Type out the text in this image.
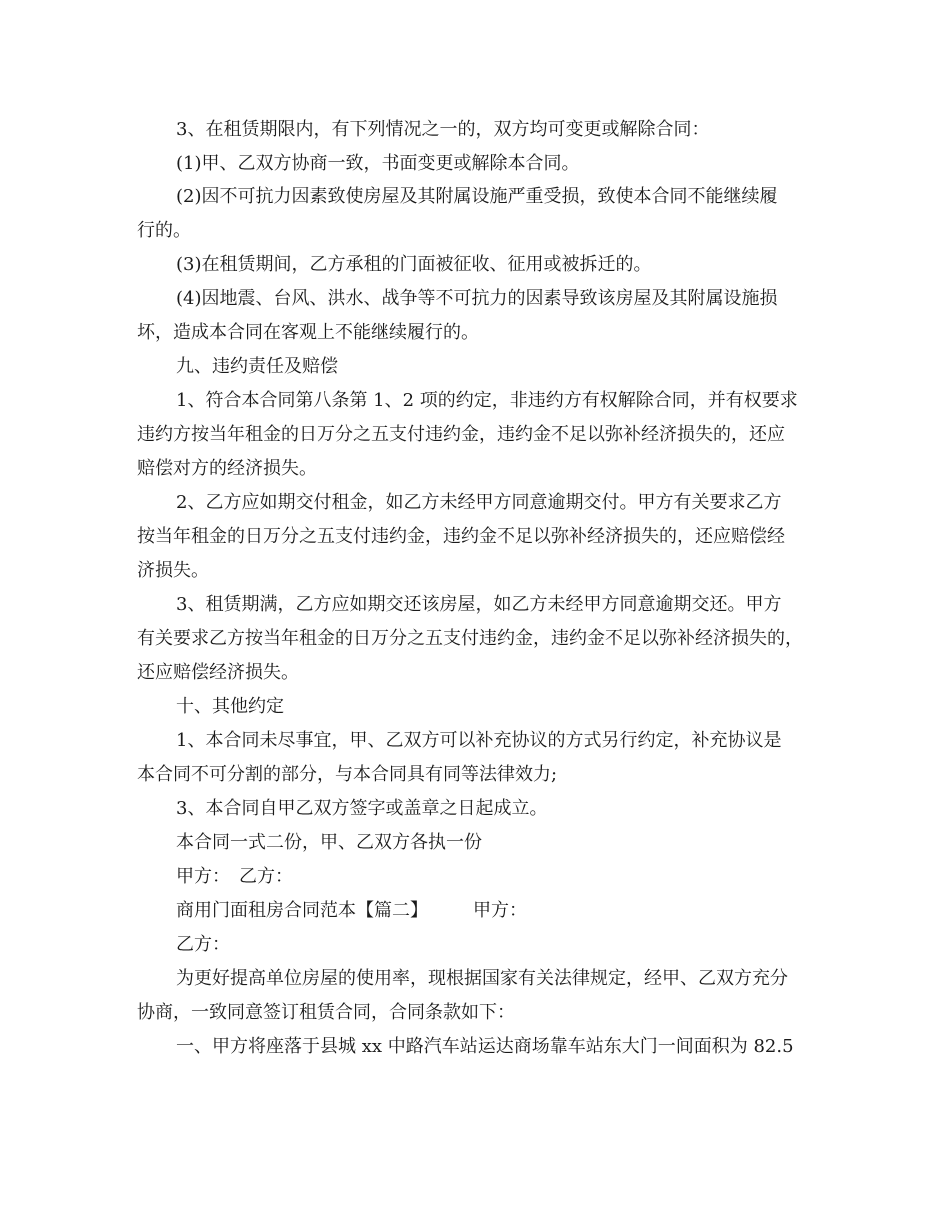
3、在租赁期限内，有下列情况之一的，双方均可变更或解除合同：
(1)甲、乙双方协商一致，书面变更或解除本合同。
(2)因不可抗力因素致使房屋及其附属设施严重受损，致使本合同不能继续履
行的。
(3)在租赁期间，乙方承租的门面被征收、征用或被拆迁的。
(4)因地震、台风、洪水、战争等不可抗力的因素导致该房屋及其附属设施损
坏，造成本合同在客观上不能继续履行的。
九、违约责任及赔偿
1、符合本合同第八条第 1、2 项的约定，非违约方有权解除合同，并有权要求
违约方按当年租金的日万分之五支付违约金，违约金不足以弥补经济损失的，还应
赔偿对方的经济损失。
2、乙方应如期交付租金，如乙方未经甲方同意逾期交付。甲方有关要求乙方
按当年租金的日万分之五支付违约金，违约金不足以弥补经济损失的，还应赔偿经
济损失。
3、租赁期满，乙方应如期交还该房屋，如乙方未经甲方同意逾期交还。甲方
有关要求乙方按当年租金的日万分之五支付违约金，违约金不足以弥补经济损失的，
还应赔偿经济损失。
十、其他约定
1、本合同未尽事宜，甲、乙双方可以补充协议的方式另行约定，补充协议是
本合同不可分割的部分，与本合同具有同等法律效力;
3、本合同自甲乙双方签字或盖章之日起成立。
本合同一式二份，甲、乙双方各执一份
甲方：　乙方：
商用门面租房合同范本【篇二】　　　甲方：
乙方：
为更好提高单位房屋的使用率，现根据国家有关法律规定，经甲、乙双方充分
协商，一致同意签订租赁合同，合同条款如下：
一、甲方将座落于县城 xx 中路汽车站运达商场靠车站东大门一间面积为 82.5
